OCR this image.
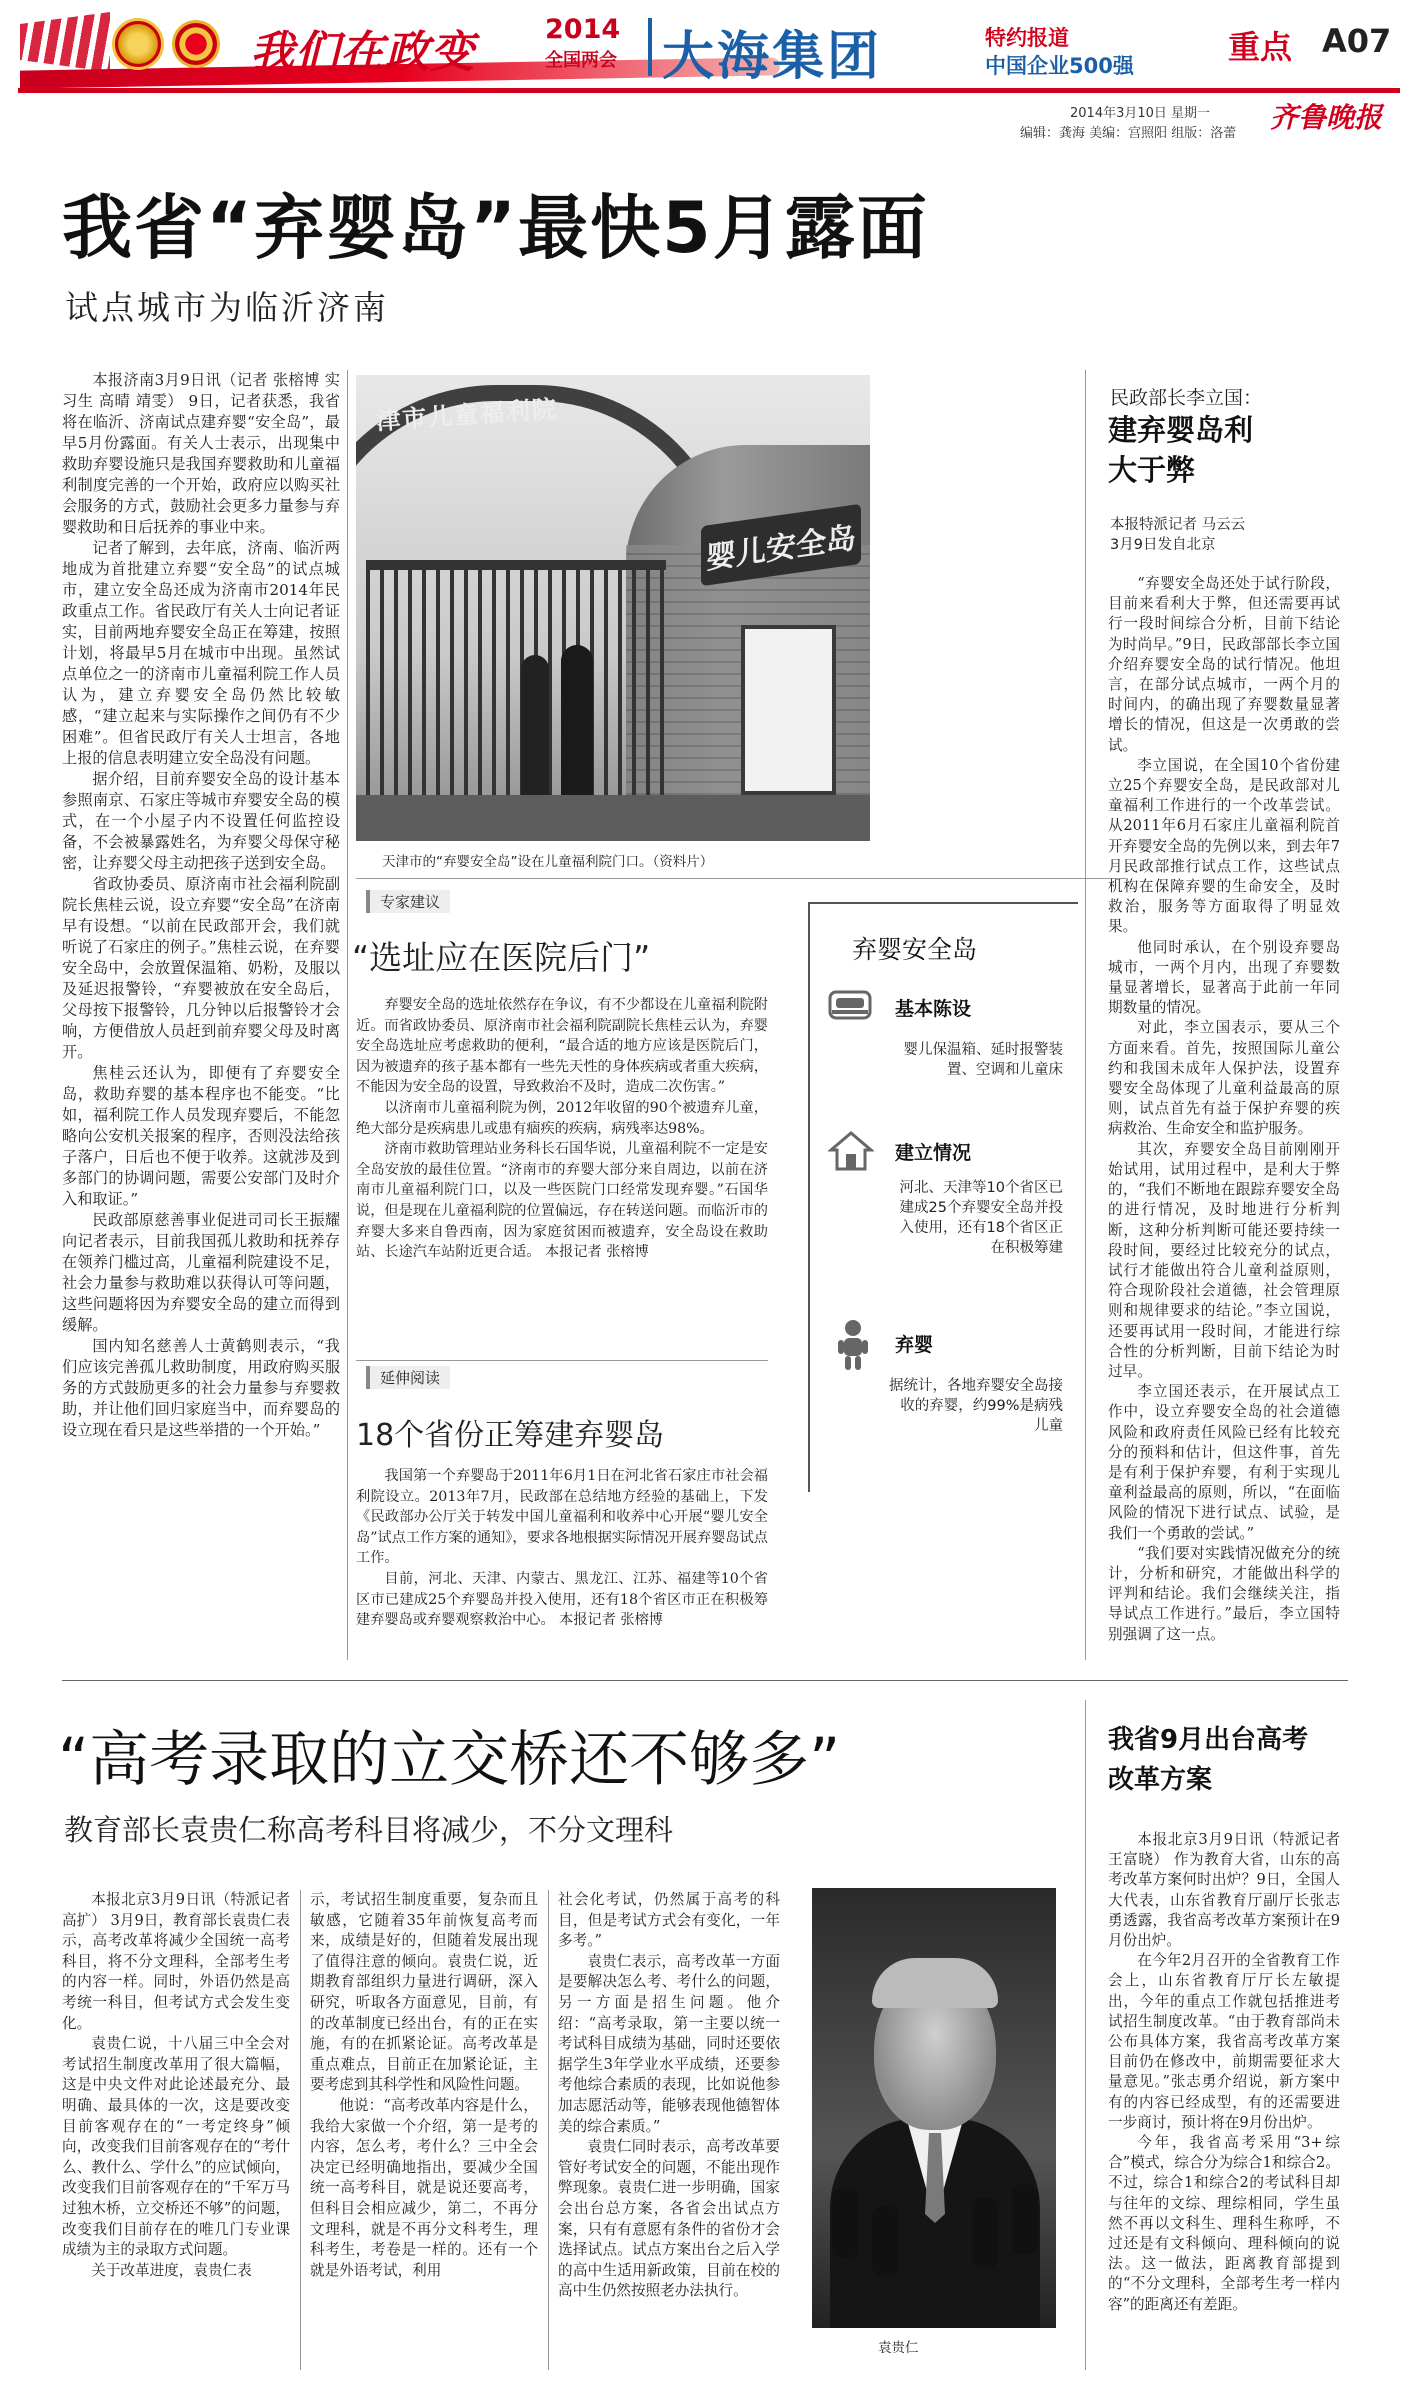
我们在政变	2014
全国两会 大海集团	特约报道
中国企业500强	重点 A07
2014年3月10日 星期一
编辑：龚海 美编：宫照阳 组版：洛蕾 齐鲁晚报
我省“弃婴岛”最快5月露面
试点城市为临沂济南

本报济南3月9日讯（记者 张榕博 实习生 高晴 靖雯） 9日，记者获悉，我省将在临沂、济南试点建弃婴“安全岛”，最早5月份露面。有关人士表示，出现集中救助弃婴设施只是我国弃婴救助和儿童福利制度完善的一个开始，政府应以购买社会服务的方式，鼓励社会更多力量参与弃婴救助和日后抚养的事业中来。

记者了解到，去年底，济南、临沂两地成为首批建立弃婴“安全岛”的试点城市，建立安全岛还成为济南市2014年民政重点工作。省民政厅有关人士向记者证实，目前两地弃婴安全岛正在筹建，按照计划，将最早5月在城市中出现。虽然试点单位之一的济南市儿童福利院工作人员认为，建立弃婴安全岛仍然比较敏感，“建立起来与实际操作之间仍有不少困难”。但省民政厅有关人士坦言，各地上报的信息表明建立安全岛没有问题。

据介绍，目前弃婴安全岛的设计基本参照南京、石家庄等城市弃婴安全岛的模式，在一个小屋子内不设置任何监控设备，不会被暴露姓名，为弃婴父母保守秘密，让弃婴父母主动把孩子送到安全岛。

省政协委员、原济南市社会福利院副院长焦桂云说，设立弃婴“安全岛”在济南早有设想。“以前在民政部开会，我们就听说了石家庄的例子。”焦桂云说，在弃婴安全岛中，会放置保温箱、奶粉，及服以及延迟报警铃，“弃婴被放在安全岛后，父母按下报警铃，几分钟以后报警铃才会响，方便借放人员赶到前弃婴父母及时离开。

焦桂云还认为，即便有了弃婴安全岛，救助弃婴的基本程序也不能变。“比如，福利院工作人员发现弃婴后，不能忽略向公安机关报案的程序，否则没法给孩子落户，日后也不便于收养。这就涉及到多部门的协调问题，需要公安部门及时介入和取证。”

民政部原慈善事业促进司司长王振耀向记者表示，目前我国孤儿救助和抚养存在领养门槛过高，儿童福利院建设不足，社会力量参与救助难以获得认可等问题，这些问题将因为弃婴安全岛的建立而得到缓解。

国内知名慈善人士黄鹤则表示，“我们应该完善孤儿救助制度，用政府购买服务的方式鼓励更多的社会力量参与弃婴救助，并让他们回归家庭当中，而弃婴岛的设立现在看只是这些举措的一个开始。”

津市儿童福利院
婴儿安全岛
天津市的“弃婴安全岛”设在儿童福利院门口。（资料片）
专家建议
“选址应在医院后门”

弃婴安全岛的选址依然存在争议，有不少都设在儿童福利院附近。而省政协委员、原济南市社会福利院副院长焦桂云认为，弃婴安全岛选址应考虑救助的便利，“最合适的地方应该是医院后门，因为被遗弃的孩子基本都有一些先天性的身体疾病或者重大疾病，不能因为安全岛的设置，导致救治不及时，造成二次伤害。”

以济南市儿童福利院为例，2012年收留的90个被遗弃儿童，绝大部分是疾病患儿或患有痼疾的疾病，病残率达98%。

济南市救助管理站业务科长石国华说，儿童福利院不一定是安全岛安放的最佳位置。“济南市的弃婴大部分来自周边，以前在济南市儿童福利院门口，以及一些医院门口经常发现弃婴。”石国华说，但是现在儿童福利院的位置偏远，存在转送问题。而临沂市的弃婴大多来自鲁西南，因为家庭贫困而被遗弃，安全岛设在救助站、长途汽车站附近更合适。 本报记者 张榕博

延伸阅读
18个省份正筹建弃婴岛

我国第一个弃婴岛于2011年6月1日在河北省石家庄市社会福利院设立。2013年7月，民政部在总结地方经验的基础上，下发《民政部办公厅关于转发中国儿童福利和收养中心开展“婴儿安全岛”试点工作方案的通知》，要求各地根据实际情况开展弃婴岛试点工作。

目前，河北、天津、内蒙古、黑龙江、江苏、福建等10个省区市已建成25个弃婴岛并投入使用，还有18个省区市正在积极筹建弃婴岛或弃婴观察救治中心。 本报记者 张榕博

弃婴安全岛
基本陈设
婴儿保温箱、延时报警装置、空调和儿童床
建立情况
河北、天津等10个省区已建成25个弃婴安全岛并投入使用，还有18个省区正在积极筹建
弃婴
据统计，各地弃婴安全岛接收的弃婴，约99%是病残儿童
民政部长李立国：
建弃婴岛利大于弊
本报特派记者 马云云
3月9日发自北京

“弃婴安全岛还处于试行阶段，目前来看利大于弊，但还需要再试行一段时间综合分析，目前下结论为时尚早。”9日，民政部部长李立国介绍弃婴安全岛的试行情况。他坦言，在部分试点城市，一两个月的时间内，的确出现了弃婴数量显著增长的情况，但这是一次勇敢的尝试。

李立国说，在全国10个省份建立25个弃婴安全岛，是民政部对儿童福利工作进行的一个改革尝试。从2011年6月石家庄儿童福利院首开弃婴安全岛的先例以来，到去年7月民政部推行试点工作，这些试点机构在保障弃婴的生命安全，及时救治，服务等方面取得了明显效果。

他同时承认，在个别设弃婴岛城市，一两个月内，出现了弃婴数量显著增长，显著高于此前一年同期数量的情况。

对此，李立国表示，要从三个方面来看。首先，按照国际儿童公约和我国未成年人保护法，设置弃婴安全岛体现了儿童利益最高的原则，试点首先有益于保护弃婴的疾病救治、生命安全和监护服务。

其次，弃婴安全岛目前刚刚开始试用，试用过程中，是利大于弊的，“我们不断地在跟踪弃婴安全岛的进行情况，及时地进行分析判断，这种分析判断可能还要持续一段时间，要经过比较充分的试点，试行才能做出符合儿童利益原则，符合现阶段社会道德，社会管理原则和规律要求的结论。”李立国说，还要再试用一段时间，才能进行综合性的分析判断，目前下结论为时过早。

李立国还表示，在开展试点工作中，设立弃婴安全岛的社会道德风险和政府责任风险已经有比较充分的预料和估计，但这件事，首先是有利于保护弃婴，有利于实现儿童利益最高的原则，所以，“在面临风险的情况下进行试点、试验，是我们一个勇敢的尝试。”

“我们要对实践情况做充分的统计，分析和研究，才能做出科学的评判和结论。我们会继续关注，指导试点工作进行。”最后，李立国特别强调了这一点。

“高考录取的立交桥还不够多”
教育部长袁贵仁称高考科目将减少，不分文理科

本报北京3月9日讯（特派记者 高扩） 3月9日，教育部长袁贵仁表示，高考改革将减少全国统一高考科目，将不分文理科，全部考生考的内容一样。同时，外语仍然是高考统一科目，但考试方式会发生变化。

袁贵仁说，十八届三中全会对考试招生制度改革用了很大篇幅，这是中央文件对此论述最充分、最明确、最具体的一次，这是要改变目前客观存在的“一考定终身”倾向，改变我们目前客观存在的“考什么、教什么、学什么”的应试倾向，改变我们目前客观存在的“千军万马过独木桥，立交桥还不够”的问题，改变我们目前存在的唯几门专业课成绩为主的录取方式问题。

关于改革进度，袁贵仁表

示，考试招生制度重要，复杂而且敏感，它随着35年前恢复高考而来，成绩是好的，但随着发展出现了值得注意的倾向。袁贵仁说，近期教育部组织力量进行调研，深入研究，听取各方面意见，目前，有的改革制度已经出台，有的正在实施，有的在抓紧论证。高考改革是重点难点，目前正在加紧论证，主要考虑到其科学性和风险性问题。

他说：“高考改革内容是什么，我给大家做一个介绍，第一是考的内容，怎么考，考什么？三中全会决定已经明确地指出，要减少全国统一高考科目，就是说还要高考，但科目会相应减少，第二，不再分文理科，就是不再分文科考生，理科考生，考卷是一样的。还有一个就是外语考试，利用

社会化考试，仍然属于高考的科目，但是考试方式会有变化，一年多考。”

袁贵仁表示，高考改革一方面是要解决怎么考、考什么的问题，另一方面是招生问题。他介绍：“高考录取，第一主要以统一考试科目成绩为基础，同时还要依据学生3年学业水平成绩，还要参考他综合素质的表现，比如说他参加志愿活动等，能够表现他德智体美的综合素质。”

袁贵仁同时表示，高考改革要管好考试安全的问题，不能出现作弊现象。袁贵仁进一步明确，国家会出台总方案，各省会出试点方案，只有有意愿有条件的省份才会选择试点。试点方案出台之后入学的高中生适用新政策，目前在校的高中生仍然按照老办法执行。

袁贵仁
我省9月出台高考改革方案

本报北京3月9日讯（特派记者 王富晓） 作为教育大省，山东的高考改革方案何时出炉？9日，全国人大代表，山东省教育厅副厅长张志勇透露，我省高考改革方案预计在9月份出炉。

在今年2月召开的全省教育工作会上，山东省教育厅厅长左敏提出，今年的重点工作就包括推进考试招生制度改革。“由于教育部尚未公布具体方案，我省高考改革方案目前仍在修改中，前期需要征求大量意见。”张志勇介绍说，新方案中有的内容已经成型，有的还需要进一步商讨，预计将在9月份出炉。

今年，我省高考采用“3+综合”模式，综合分为综合1和综合2。不过，综合1和综合2的考试科目却与往年的文综、理综相同，学生虽然不再以文科生、理科生称呼，不过还是有文科倾向、理科倾向的说法。这一做法，距离教育部提到的“不分文理科，全部考生考一样内容”的距离还有差距。
